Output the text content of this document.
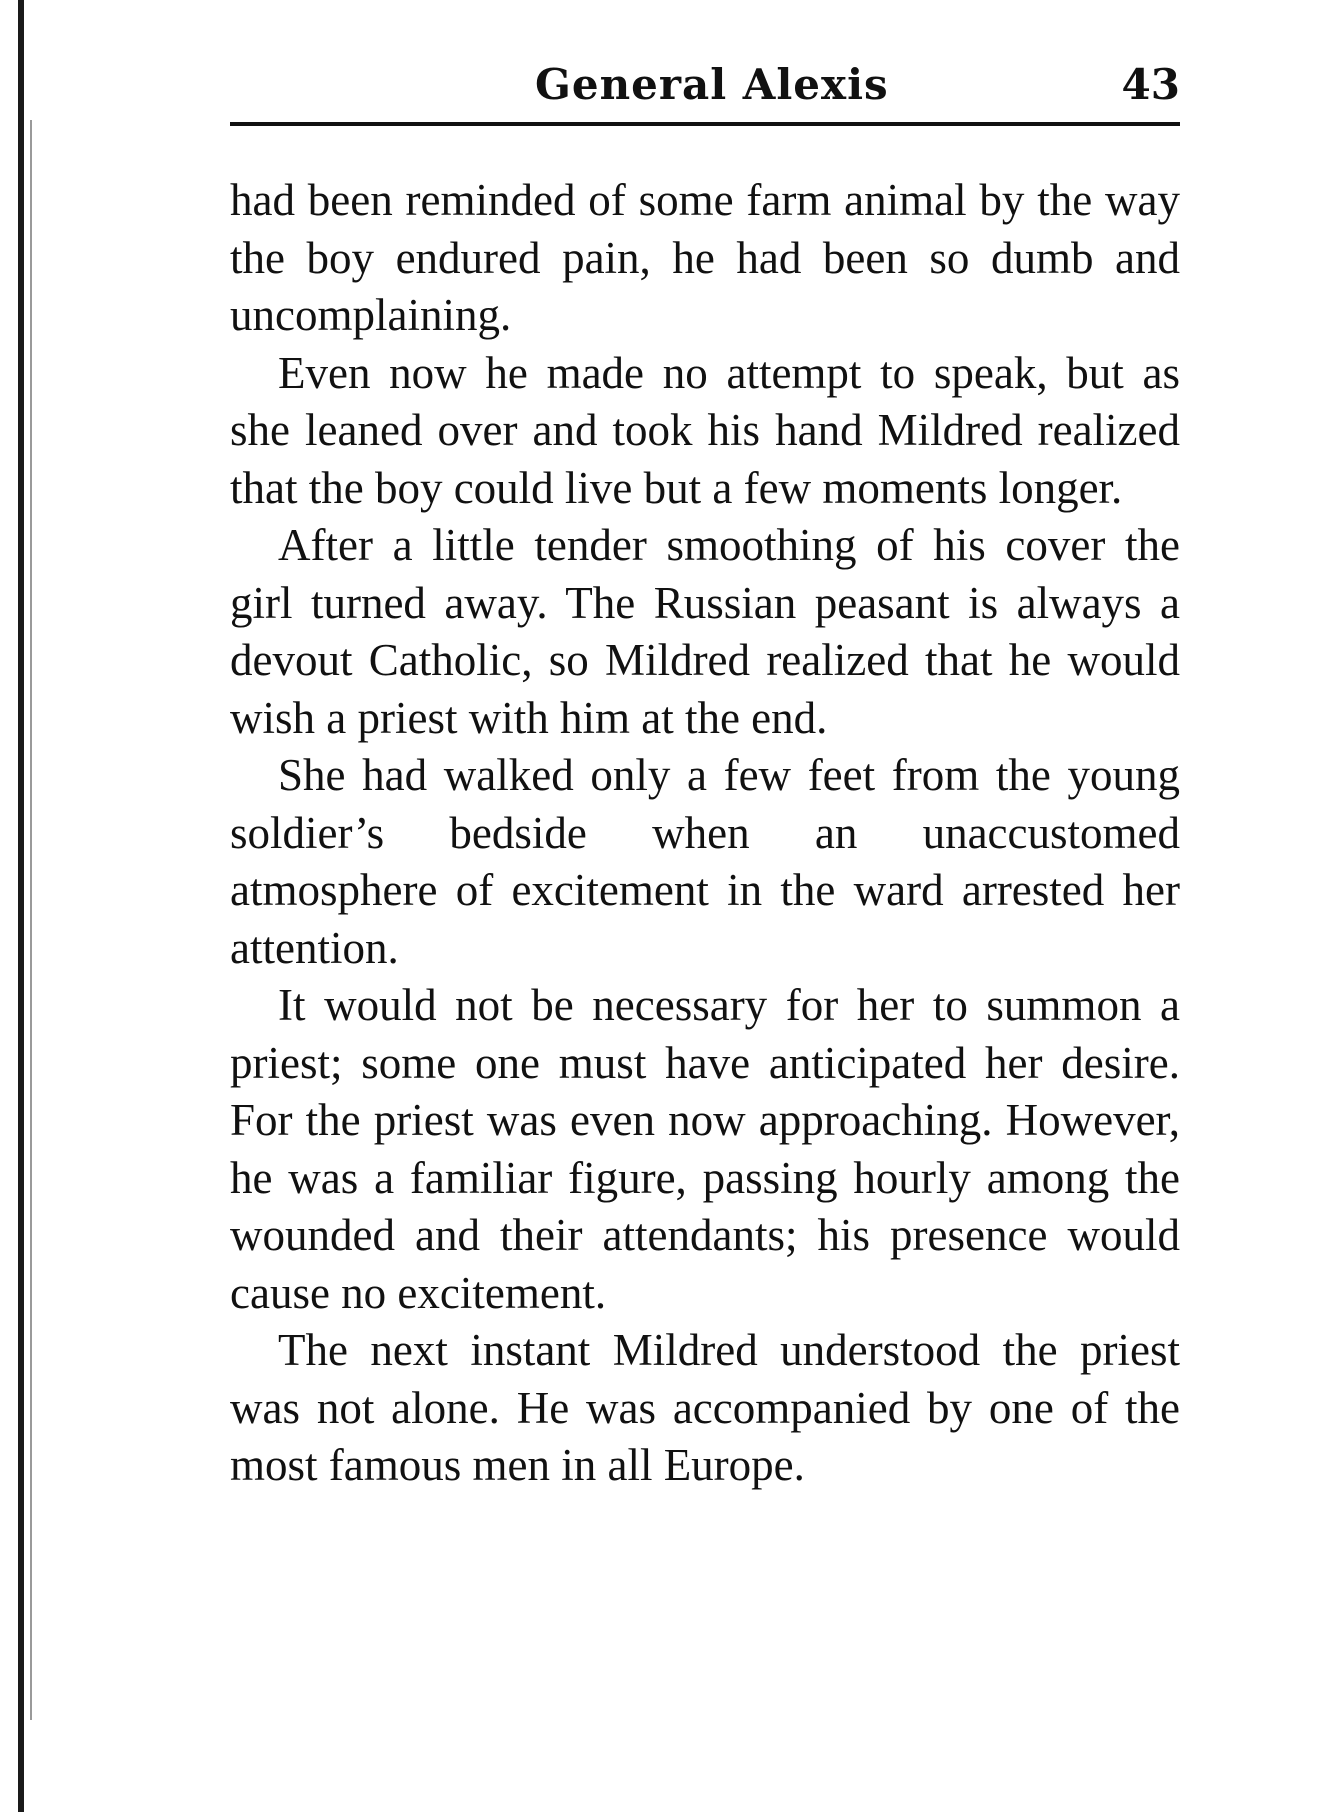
General Alexis	43

had been reminded of some farm animal by the way the boy endured pain, he had been so dumb and uncomplaining.

Even now he made no attempt to speak, but as she leaned over and took his hand Mildred realized that the boy could live but a few moments longer.

After a little tender smoothing of his cover the girl turned away. The Russian peasant is always a devout Catholic, so Mildred realized that he would wish a priest with him at the end.

She had walked only a few feet from the young soldier’s bedside when an unaccustomed atmosphere of excitement in the ward arrested her attention.

It would not be necessary for her to summon a priest; some one must have anticipated her desire. For the priest was even now approaching. However, he was a familiar figure, passing hourly among the wounded and their attendants; his presence would cause no excitement.

The next instant Mildred understood the priest was not alone. He was accompanied by one of the most famous men in all Europe.
